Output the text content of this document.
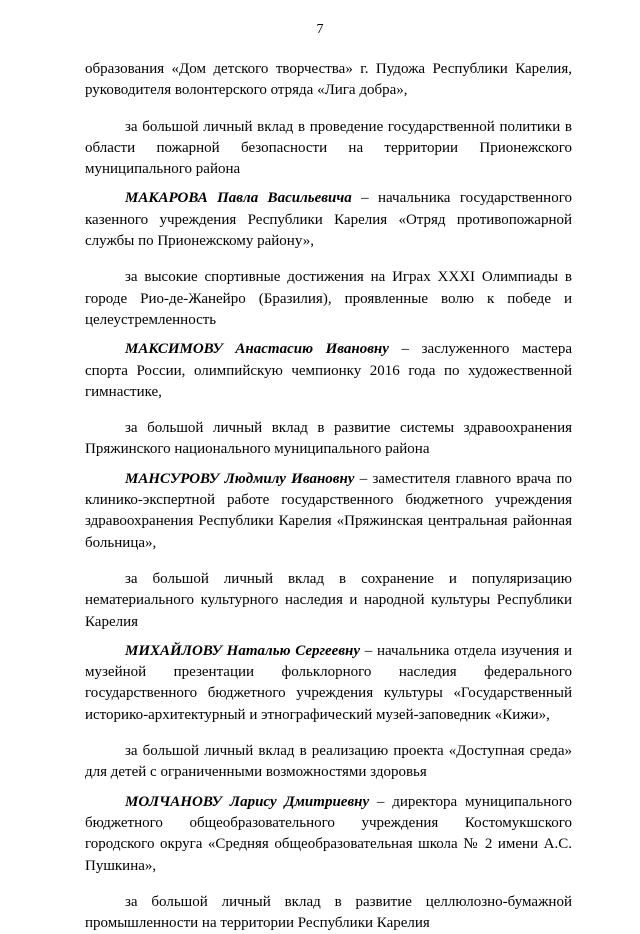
7

образования «Дом детского творчества» г. Пудожа Республики Карелия, руководителя волонтерского отряда «Лига добра»,

за большой личный вклад в проведение государственной политики в области пожарной безопасности на территории Прионежского муниципального района

МАКАРОВА Павла Васильевича – начальника государственного казенного учреждения Республики Карелия «Отряд противопожарной службы по Прионежскому району»,

за высокие спортивные достижения на Играх XXXI Олимпиады в городе Рио-де-Жанейро (Бразилия), проявленные волю к победе и целеустремленность

МАКСИМОВУ Анастасию Ивановну – заслуженного мастера спорта России, олимпийскую чемпионку 2016 года по художественной гимнастике,

за большой личный вклад в развитие системы здравоохранения Пряжинского национального муниципального района

МАНСУРОВУ Людмилу Ивановну – заместителя главного врача по клинико-экспертной работе государственного бюджетного учреждения здравоохранения Республики Карелия «Пряжинская центральная районная больница»,

за большой личный вклад в сохранение и популяризацию нематериального культурного наследия и народной культуры Республики Карелия

МИХАЙЛОВУ Наталью Сергеевну – начальника отдела изучения и музейной презентации фольклорного наследия федерального государственного бюджетного учреждения культуры «Государственный историко-архитектурный и этнографический музей-заповедник «Кижи»,

за большой личный вклад в реализацию проекта «Доступная среда» для детей с ограниченными возможностями здоровья

МОЛЧАНОВУ Ларису Дмитриевну – директора муниципального бюджетного общеобразовательного учреждения Костомукшского городского округа «Средняя общеобразовательная школа № 2 имени А.С. Пушкина»,

за большой личный вклад в развитие целлюлозно-бумажной промышленности на территории Республики Карелия
